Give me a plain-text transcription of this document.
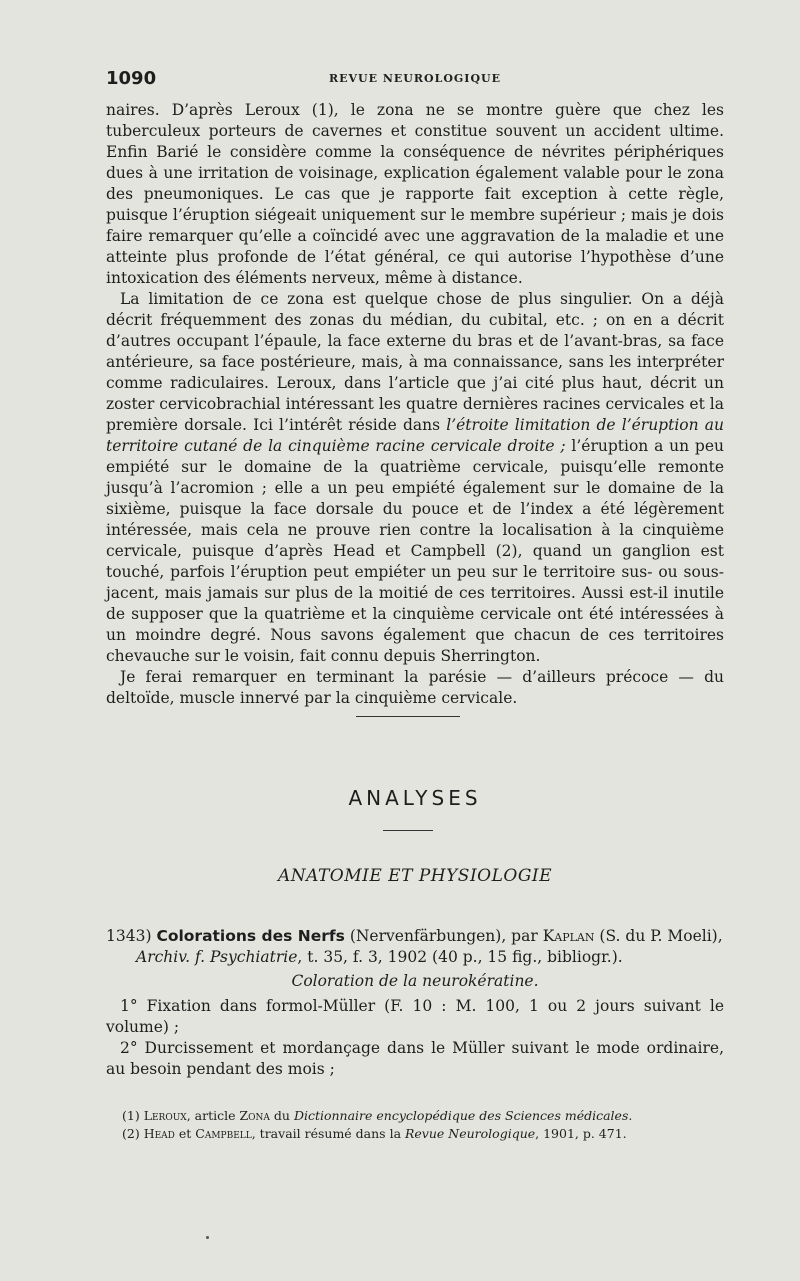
1090	REVUE NEUROLOGIQUE

naires. D’après Leroux (1), le zona ne se montre guère que chez les tuberculeux porteurs de cavernes et constitue souvent un accident ultime. Enfin Barié le considère comme la conséquence de névrites périphériques dues à une irritation de voisinage, explication également valable pour le zona des pneumoniques. Le cas que je rapporte fait exception à cette règle, puisque l’éruption siégeait uniquement sur le membre supérieur ; mais je dois faire remarquer qu’elle a coïncidé avec une aggravation de la maladie et une atteinte plus profonde de l’état général, ce qui autorise l’hypothèse d’une intoxication des éléments nerveux, même à distance.

La limitation de ce zona est quelque chose de plus singulier. On a déjà décrit fréquemment des zonas du médian, du cubital, etc. ; on en a décrit d’autres occupant l’épaule, la face externe du bras et de l’avant-bras, sa face antérieure, sa face postérieure, mais, à ma connaissance, sans les interpréter comme radiculaires. Leroux, dans l’article que j’ai cité plus haut, décrit un zoster cervicobrachial intéressant les quatre dernières racines cervicales et la première dorsale. Ici l’intérêt réside dans l’étroite limitation de l’éruption au territoire cutané de la cinquième racine cervicale droite ; l’éruption a un peu empiété sur le domaine de la quatrième cervicale, puisqu’elle remonte jusqu’à l’acromion ; elle a un peu empiété également sur le domaine de la sixième, puisque la face dorsale du pouce et de l’index a été légèrement intéressée, mais cela ne prouve rien contre la localisation à la cinquième cervicale, puisque d’après Head et Campbell (2), quand un ganglion est touché, parfois l’éruption peut empiéter un peu sur le territoire sus- ou sous-jacent, mais jamais sur plus de la moitié de ces territoires. Aussi est-il inutile de supposer que la quatrième et la cinquième cervicale ont été intéressées à un moindre degré. Nous savons également que chacun de ces territoires chevauche sur le voisin, fait connu depuis Sherrington.

Je ferai remarquer en terminant la parésie — d’ailleurs précoce — du deltoïde, muscle innervé par la cinquième cervicale.

ANALYSES
ANATOMIE ET PHYSIOLOGIE

1343) Colorations des Nerfs (Nervenfärbungen), par Kaplan (S. du P. Moeli),
Archiv. f. Psychiatrie, t. 35, f. 3, 1902 (40 p., 15 fig., bibliogr.).

Coloration de la neurokératine.

1° Fixation dans formol-Müller (F. 10 : M. 100, 1 ou 2 jours suivant le volume) ;

2° Durcissement et mordançage dans le Müller suivant le mode ordinaire, au besoin pendant des mois ;

(1) Leroux, article Zona du Dictionnaire encyclopédique des Sciences médicales.

(2) Head et Campbell, travail résumé dans la Revue Neurologique, 1901, p. 471.
